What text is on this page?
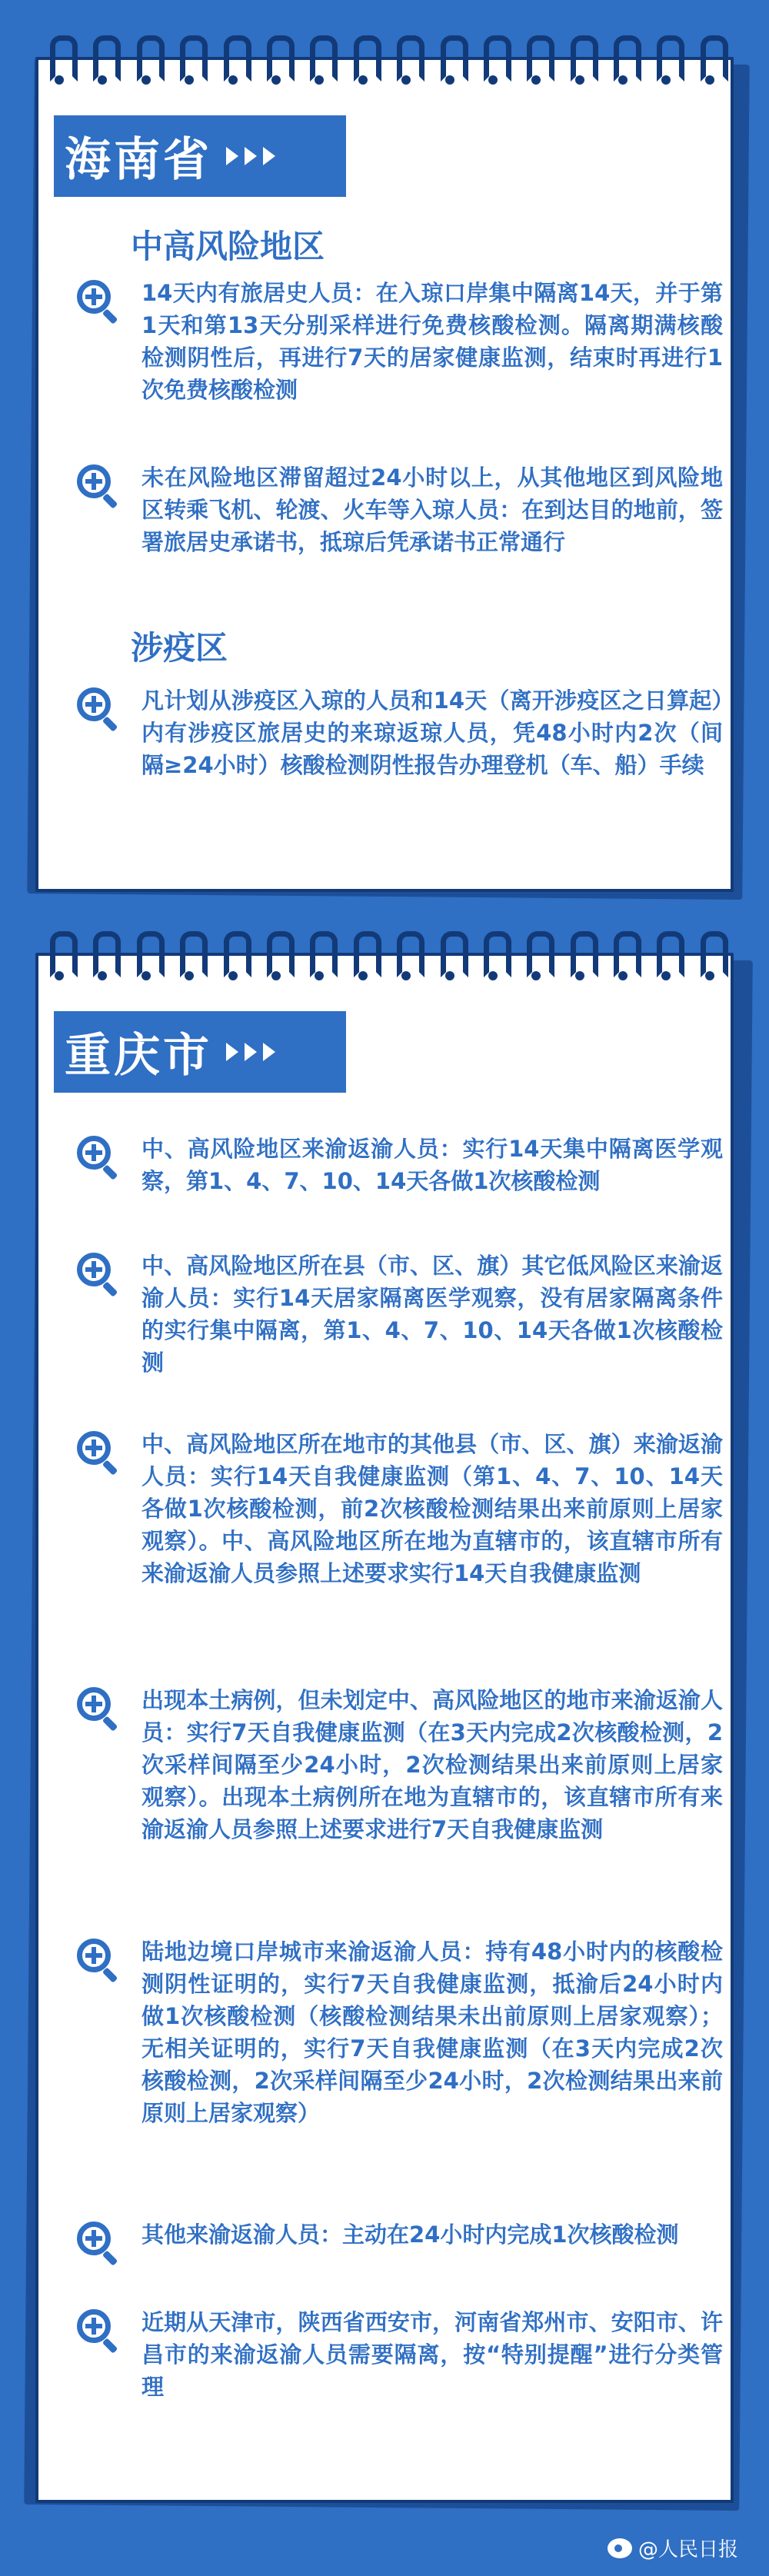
海南省
中高风险地区
14天内有旅居史人员：在入琼口岸集中隔离14天，并于第1天和第13天分别采样进行免费核酸检测。隔离期满核酸检测阴性后，再进行7天的居家健康监测，结束时再进行1次免费核酸检测
未在风险地区滞留超过24小时以上，从其他地区到风险地区转乘飞机、轮渡、火车等入琼人员：在到达目的地前，签署旅居史承诺书，抵琼后凭承诺书正常通行
涉疫区
凡计划从涉疫区入琼的人员和14天（离开涉疫区之日算起）内有涉疫区旅居史的来琼返琼人员，凭48小时内2次（间隔≥24小时）核酸检测阴性报告办理登机（车、船）手续
重庆市
中、高风险地区来渝返渝人员：实行14天集中隔离医学观察，第1、4、7、10、14天各做1次核酸检测
中、高风险地区所在县（市、区、旗）其它低风险区来渝返渝人员：实行14天居家隔离医学观察，没有居家隔离条件的实行集中隔离，第1、4、7、10、14天各做1次核酸检测
中、高风险地区所在地市的其他县（市、区、旗）来渝返渝人员：实行14天自我健康监测（第1、4、7、10、14天各做1次核酸检测，前2次核酸检测结果出来前原则上居家观察）。中、高风险地区所在地为直辖市的，该直辖市所有来渝返渝人员参照上述要求实行14天自我健康监测
出现本土病例，但未划定中、高风险地区的地市来渝返渝人员：实行7天自我健康监测（在3天内完成2次核酸检测，2次采样间隔至少24小时，2次检测结果出来前原则上居家观察）。出现本土病例所在地为直辖市的，该直辖市所有来渝返渝人员参照上述要求进行7天自我健康监测
陆地边境口岸城市来渝返渝人员：持有48小时内的核酸检测阴性证明的，实行7天自我健康监测，抵渝后24小时内做1次核酸检测（核酸检测结果未出前原则上居家观察）；无相关证明的，实行7天自我健康监测（在3天内完成2次核酸检测，2次采样间隔至少24小时，2次检测结果出来前原则上居家观察）
其他来渝返渝人员：主动在24小时内完成1次核酸检测
近期从天津市，陕西省西安市，河南省郑州市、安阳市、许昌市的来渝返渝人员需要隔离，按“特别提醒”进行分类管理
@人民日报
